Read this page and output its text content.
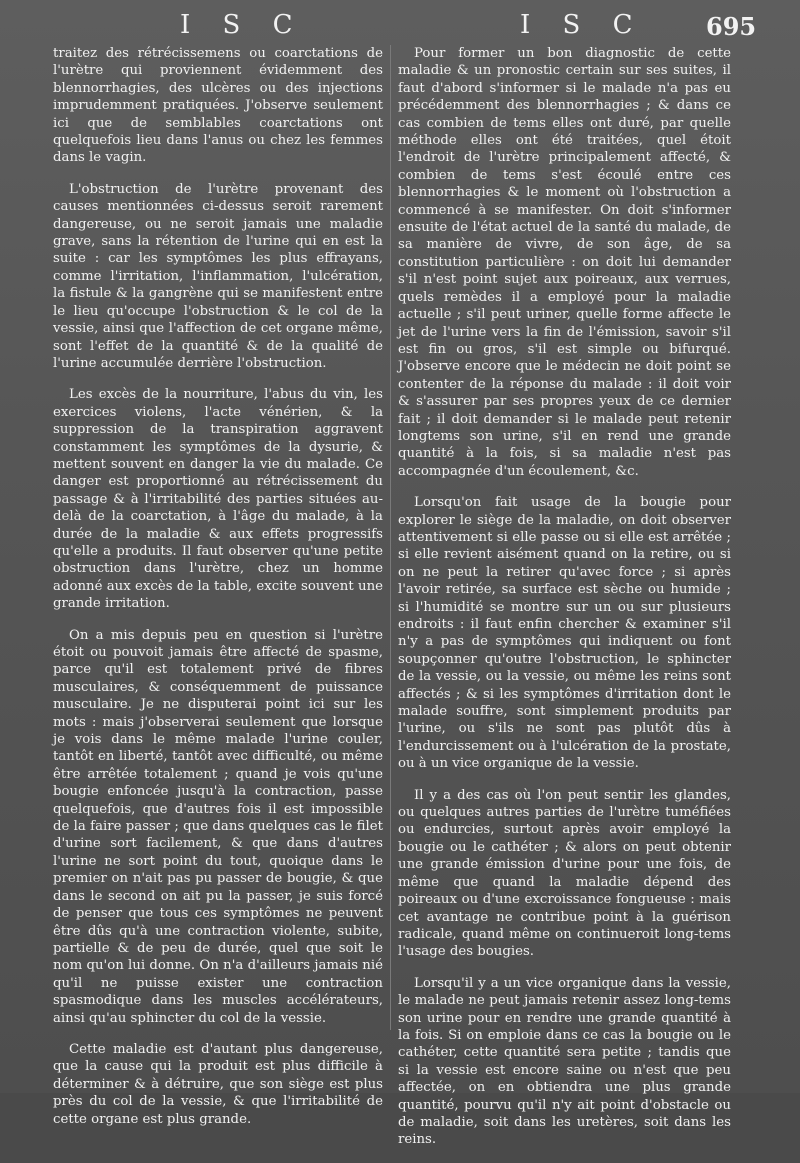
I S C	I S C	695

traitez des rétrécissemens ou coarctations de l'urètre qui proviennent évidemment des blennorrhagies, des ulcères ou des injections imprudemment pratiquées. J'observe seulement ici que de semblables coarctations ont quelquefois lieu dans l'anus ou chez les femmes dans le vagin.

L'obstruction de l'urètre provenant des causes mentionnées ci-dessus seroit rarement dangereuse, ou ne seroit jamais une maladie grave, sans la rétention de l'urine qui en est la suite : car les symptômes les plus effrayans, comme l'irritation, l'inflammation, l'ulcération, la fistule & la gangrène qui se manifestent entre le lieu qu'occupe l'obstruction & le col de la vessie, ainsi que l'affection de cet organe même, sont l'effet de la quantité & de la qualité de l'urine accumulée derrière l'obstruction.

Les excès de la nourriture, l'abus du vin, les exercices violens, l'acte vénérien, & la suppression de la transpiration aggravent constamment les symptômes de la dysurie, & mettent souvent en danger la vie du malade. Ce danger est proportionné au rétrécissement du passage & à l'irritabilité des parties situées au-delà de la coarctation, à l'âge du malade, à la durée de la maladie & aux effets progressifs qu'elle a produits. Il faut observer qu'une petite obstruction dans l'urètre, chez un homme adonné aux excès de la table, excite souvent une grande irritation.

On a mis depuis peu en question si l'urètre étoit ou pouvoit jamais être affecté de spasme, parce qu'il est totalement privé de fibres musculaires, & conséquemment de puissance musculaire. Je ne disputerai point ici sur les mots : mais j'observerai seulement que lorsque je vois dans le même malade l'urine couler, tantôt en liberté, tantôt avec difficulté, ou même être arrêtée totalement ; quand je vois qu'une bougie enfoncée jusqu'à la contraction, passe quelquefois, que d'autres fois il est impossible de la faire passer ; que dans quelques cas le filet d'urine sort facilement, & que dans d'autres l'urine ne sort point du tout, quoique dans le premier on n'ait pas pu passer de bougie, & que dans le second on ait pu la passer, je suis forcé de penser que tous ces symptômes ne peuvent être dûs qu'à une contraction violente, subite, partielle & de peu de durée, quel que soit le nom qu'on lui donne. On n'a d'ailleurs jamais nié qu'il ne puisse exister une contraction spasmodique dans les muscles accélérateurs, ainsi qu'au sphincter du col de la vessie.

Cette maladie est d'autant plus dangereuse, que la cause qui la produit est plus difficile à déterminer & à détruire, que son siège est plus près du col de la vessie, & que l'irritabilité de cette organe est plus grande.

Pour former un bon diagnostic de cette maladie & un pronostic certain sur ses suites, il faut d'abord s'informer si le malade n'a pas eu précédemment des blennorrhagies ; & dans ce cas combien de tems elles ont duré, par quelle méthode elles ont été traitées, quel étoit l'endroit de l'urètre principalement affecté, & combien de tems s'est écoulé entre ces blennorrhagies & le moment où l'obstruction a commencé à se manifester. On doit s'informer ensuite de l'état actuel de la santé du malade, de sa manière de vivre, de son âge, de sa constitution particulière : on doit lui demander s'il n'est point sujet aux poireaux, aux verrues, quels remèdes il a employé pour la maladie actuelle ; s'il peut uriner, quelle forme affecte le jet de l'urine vers la fin de l'émission, savoir s'il est fin ou gros, s'il est simple ou bifurqué. J'observe encore que le médecin ne doit point se contenter de la réponse du malade : il doit voir & s'assurer par ses propres yeux de ce dernier fait ; il doit demander si le malade peut retenir longtems son urine, s'il en rend une grande quantité à la fois, si sa maladie n'est pas accompagnée d'un écoulement, &c.

Lorsqu'on fait usage de la bougie pour explorer le siège de la maladie, on doit observer attentivement si elle passe ou si elle est arrêtée ; si elle revient aisément quand on la retire, ou si on ne peut la retirer qu'avec force ; si après l'avoir retirée, sa surface est sèche ou humide ; si l'humidité se montre sur un ou sur plusieurs endroits : il faut enfin chercher & examiner s'il n'y a pas de symptômes qui indiquent ou font soupçonner qu'outre l'obstruction, le sphincter de la vessie, ou la vessie, ou même les reins sont affectés ; & si les symptômes d'irritation dont le malade souffre, sont simplement produits par l'urine, ou s'ils ne sont pas plutôt dûs à l'endurcissement ou à l'ulcération de la prostate, ou à un vice organique de la vessie.

Il y a des cas où l'on peut sentir les glandes, ou quelques autres parties de l'urètre tuméfiées ou endurcies, surtout après avoir employé la bougie ou le cathéter ; & alors on peut obtenir une grande émission d'urine pour une fois, de même que quand la maladie dépend des poireaux ou d'une excroissance fongueuse : mais cet avantage ne contribue point à la guérison radicale, quand même on continueroit long-tems l'usage des bougies.

Lorsqu'il y a un vice organique dans la vessie, le malade ne peut jamais retenir assez long-tems son urine pour en rendre une grande quantité à la fois. Si on emploie dans ce cas la bougie ou le cathéter, cette quantité sera petite ; tandis que si la vessie est encore saine ou n'est que peu affectée, on en obtiendra une plus grande quantité, pourvu qu'il n'y ait point d'obstacle ou de maladie, soit dans les uretères, soit dans les reins.
